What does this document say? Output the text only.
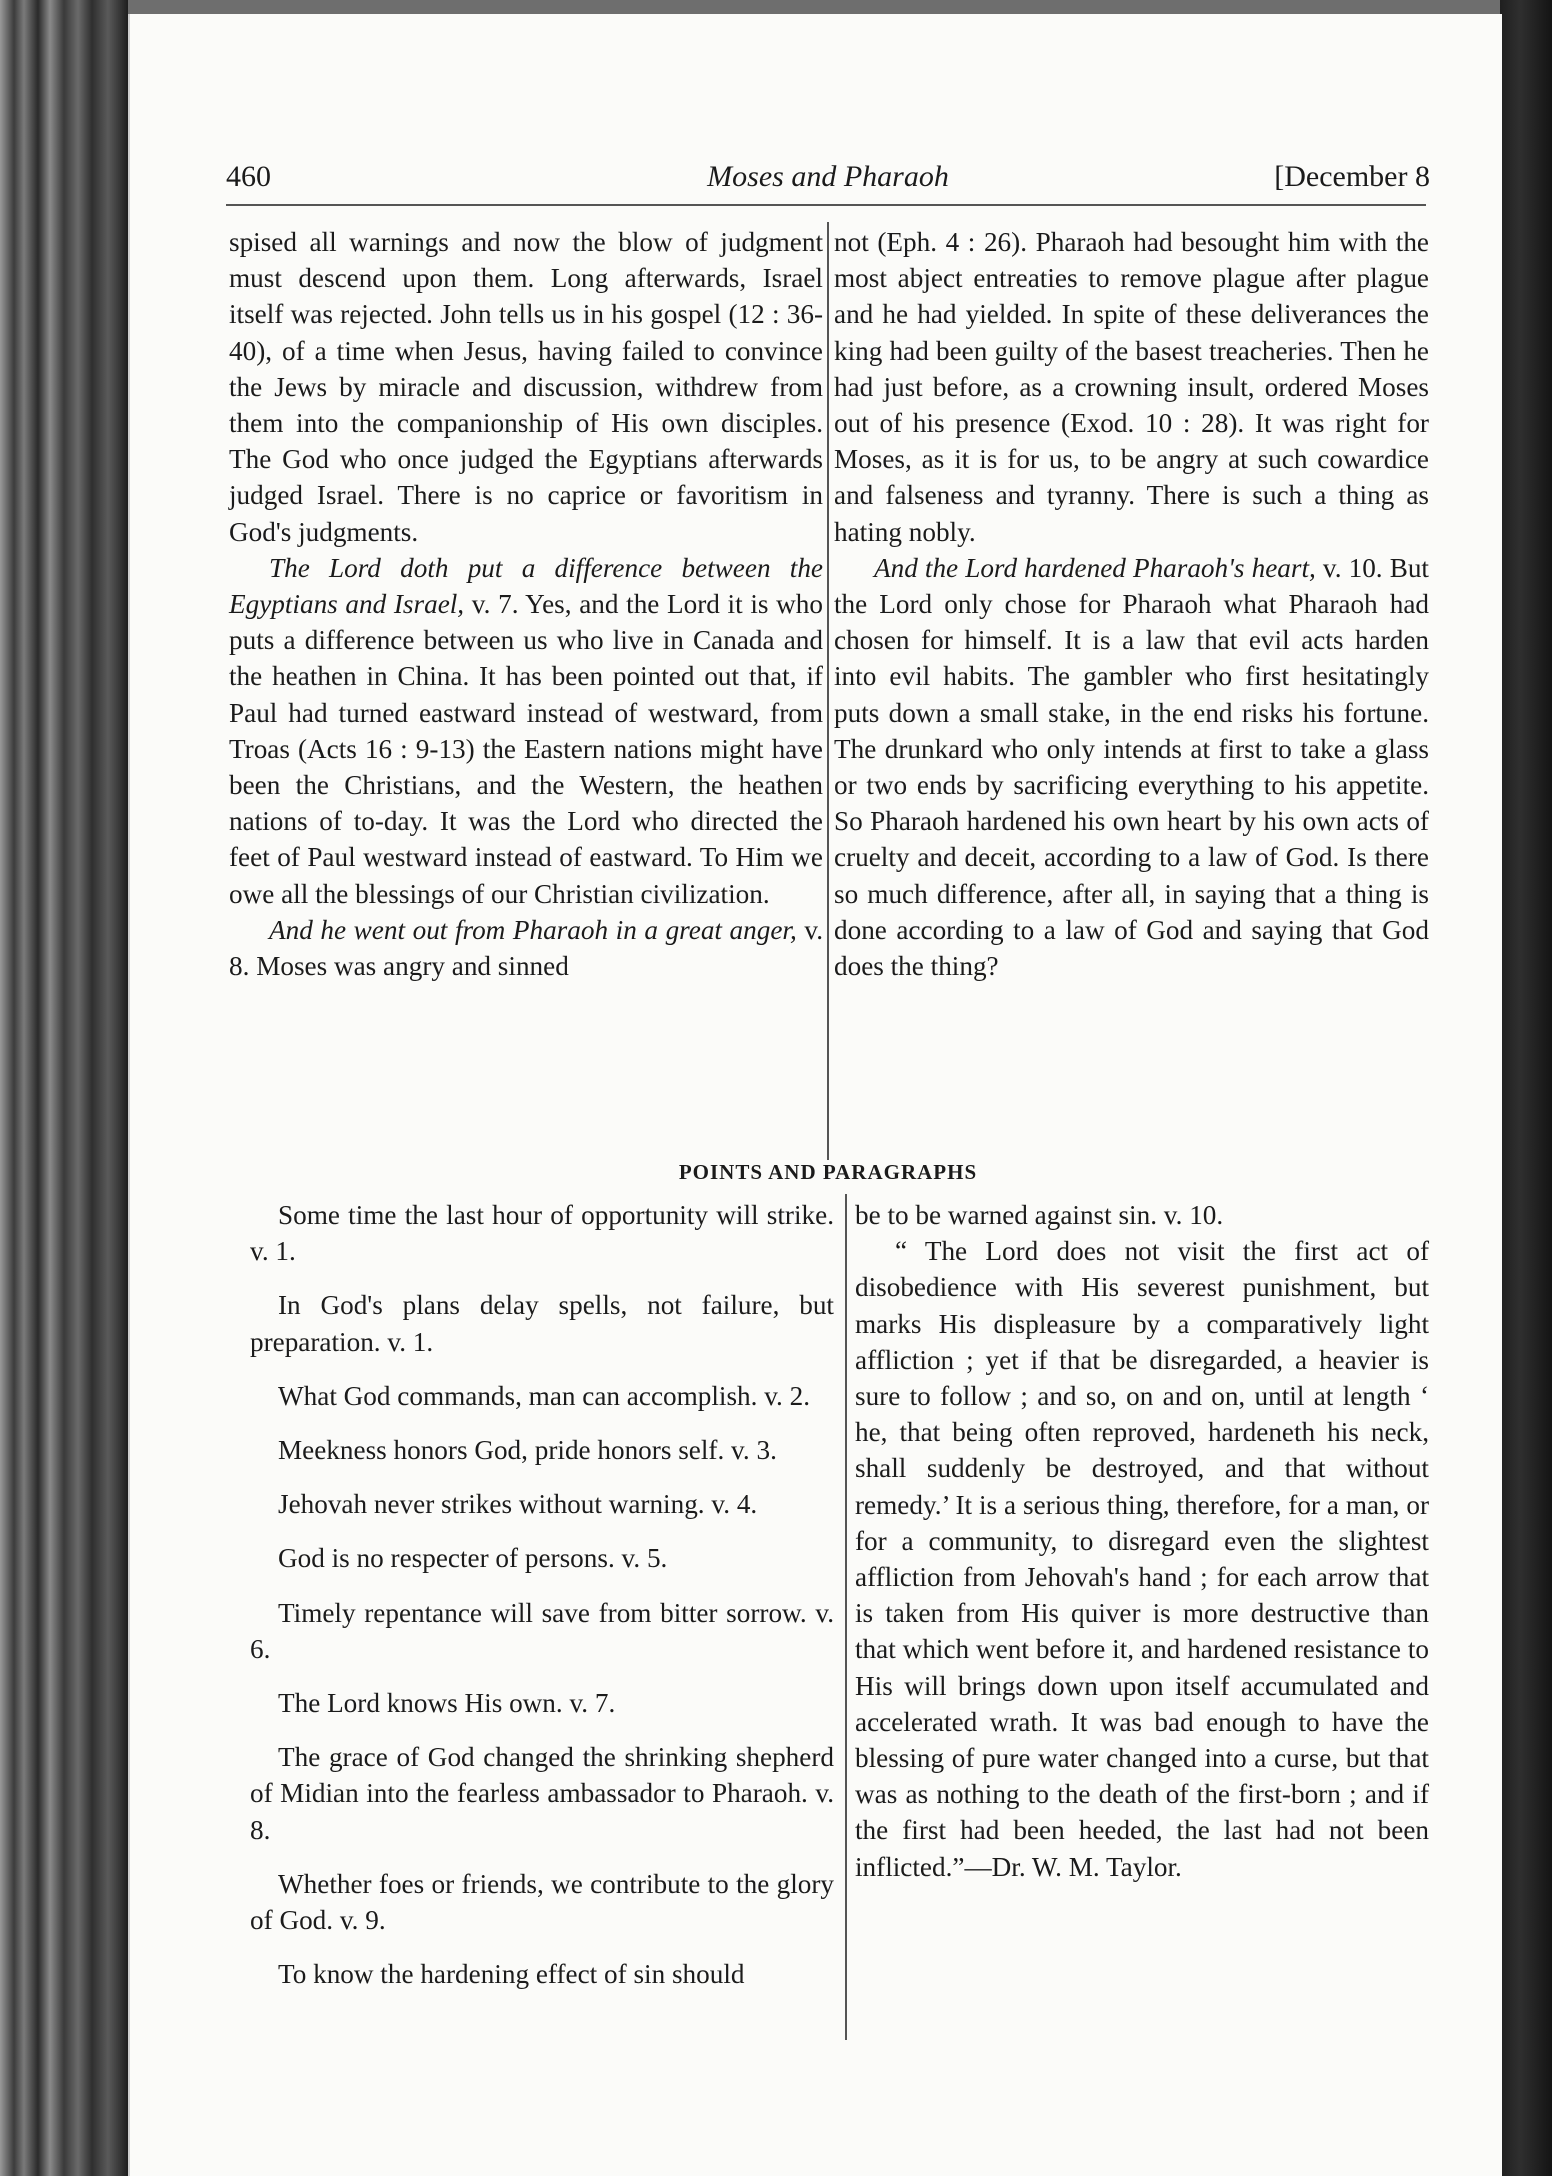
460	Moses and Pharaoh	[December 8

spised all warnings and now the blow of judgment must descend upon them. Long afterwards, Israel itself was rejected. John tells us in his gospel (12 : 36-40), of a time when Jesus, having failed to convince the Jews by miracle and discussion, withdrew from them into the companionship of His own disciples. The God who once judged the Egyptians afterwards judged Israel. There is no caprice or favoritism in God's judgments.

The Lord doth put a difference between the Egyptians and Israel, v. 7. Yes, and the Lord it is who puts a difference between us who live in Canada and the heathen in China. It has been pointed out that, if Paul had turned eastward instead of westward, from Troas (Acts 16 : 9-13) the Eastern nations might have been the Christians, and the Western, the heathen nations of to-day. It was the Lord who directed the feet of Paul westward instead of eastward. To Him we owe all the blessings of our Christian civilization.

And he went out from Pharaoh in a great anger, v. 8. Moses was angry and sinned

not (Eph. 4 : 26). Pharaoh had besought him with the most abject entreaties to remove plague after plague and he had yielded. In spite of these deliverances the king had been guilty of the basest treacheries. Then he had just before, as a crowning insult, ordered Moses out of his presence (Exod. 10 : 28). It was right for Moses, as it is for us, to be angry at such cowardice and falseness and tyranny. There is such a thing as hating nobly.

And the Lord hardened Pharaoh's heart, v. 10. But the Lord only chose for Pharaoh what Pharaoh had chosen for himself. It is a law that evil acts harden into evil habits. The gambler who first hesitatingly puts down a small stake, in the end risks his fortune. The drunkard who only intends at first to take a glass or two ends by sacrificing everything to his appetite. So Pharaoh hardened his own heart by his own acts of cruelty and deceit, according to a law of God. Is there so much difference, after all, in saying that a thing is done according to a law of God and saying that God does the thing?

POINTS AND PARAGRAPHS

Some time the last hour of opportunity will strike. v. 1.

In God's plans delay spells, not failure, but preparation. v. 1.

What God commands, man can accomplish. v. 2.

Meekness honors God, pride honors self. v. 3.

Jehovah never strikes without warning. v. 4.

God is no respecter of persons. v. 5.

Timely repentance will save from bitter sorrow. v. 6.

The Lord knows His own. v. 7.

The grace of God changed the shrinking shepherd of Midian into the fearless ambassador to Pharaoh. v. 8.

Whether foes or friends, we contribute to the glory of God. v. 9.

To know the hardening effect of sin should

be to be warned against sin. v. 10.

“ The Lord does not visit the first act of disobedience with His severest punishment, but marks His displeasure by a comparatively light affliction ; yet if that be disregarded, a heavier is sure to follow ; and so, on and on, until at length ‘ he, that being often reproved, hardeneth his neck, shall suddenly be destroyed, and that without remedy.’ It is a serious thing, therefore, for a man, or for a community, to disregard even the slightest affliction from Jehovah's hand ; for each arrow that is taken from His quiver is more destructive than that which went before it, and hardened resistance to His will brings down upon itself accumulated and accelerated wrath. It was bad enough to have the blessing of pure water changed into a curse, but that was as nothing to the death of the first-born ; and if the first had been heeded, the last had not been inflicted.”—Dr. W. M. Taylor.
